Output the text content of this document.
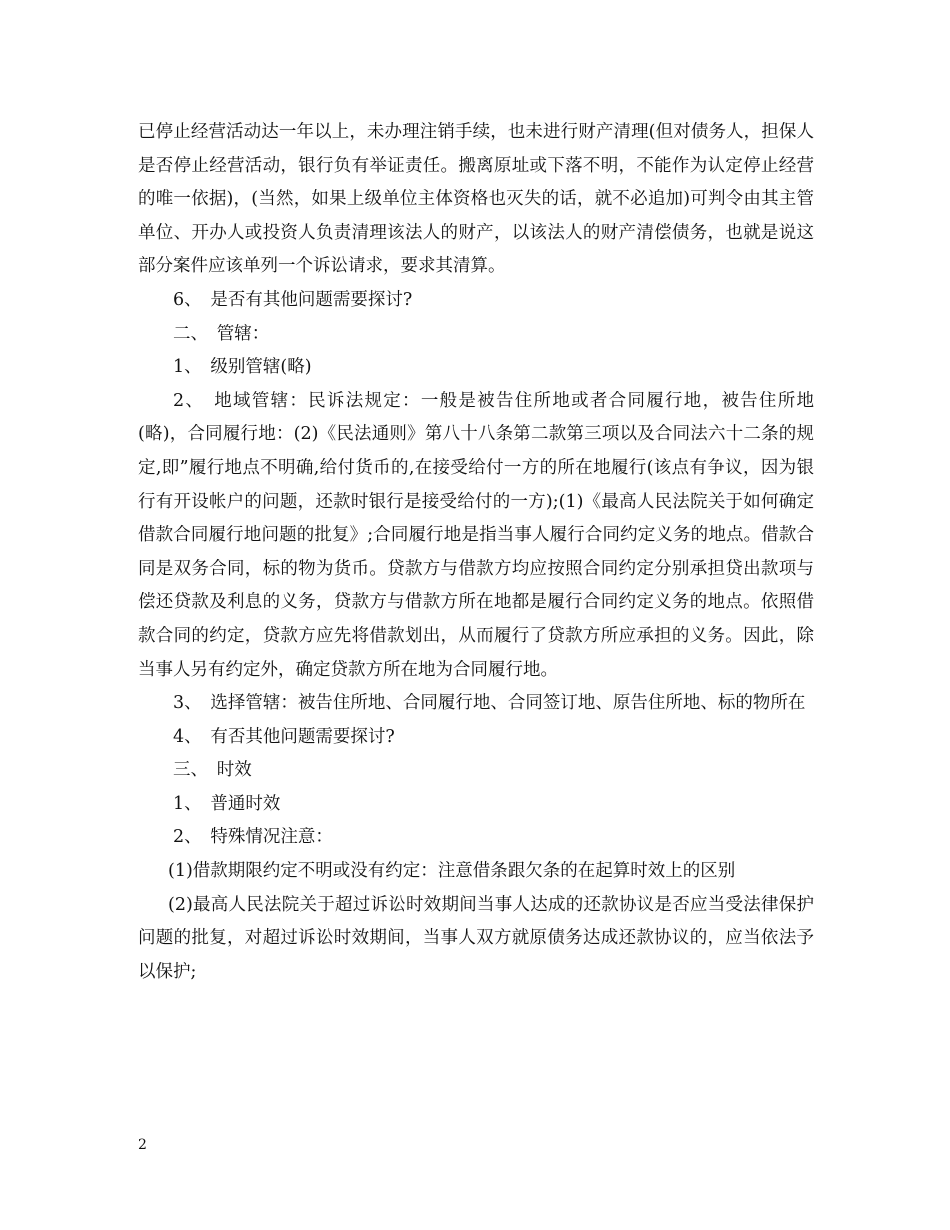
已停止经营活动达一年以上，未办理注销手续，也未进行财产清理(但对债务人，担保人是否停止经营活动，银行负有举证责任。搬离原址或下落不明，不能作为认定停止经营的唯一依据)，(当然，如果上级单位主体资格也灭失的话，就不必追加)可判令由其主管单位、开办人或投资人负责清理该法人的财产，以该法人的财产清偿债务，也就是说这部分案件应该单列一个诉讼请求，要求其清算。

6、　是否有其他问题需要探讨?

二、　管辖：

1、　级别管辖(略)

2、　地域管辖：民诉法规定：一般是被告住所地或者合同履行地，被告住所地(略)，合同履行地：(2)《民法通则》第八十八条第二款第三项以及合同法六十二条的规定,即”履行地点不明确,给付货币的,在接受给付一方的所在地履行(该点有争议，因为银行有开设帐户的问题，还款时银行是接受给付的一方);(1)《最高人民法院关于如何确定借款合同履行地问题的批复》;合同履行地是指当事人履行合同约定义务的地点。借款合同是双务合同，标的物为货币。贷款方与借款方均应按照合同约定分别承担贷出款项与偿还贷款及利息的义务，贷款方与借款方所在地都是履行合同约定义务的地点。依照借款合同的约定，贷款方应先将借款划出，从而履行了贷款方所应承担的义务。因此，除当事人另有约定外，确定贷款方所在地为合同履行地。

3、　选择管辖：被告住所地、合同履行地、合同签订地、原告住所地、标的物所在

4、　有否其他问题需要探讨?

三、　时效

1、　普通时效

2、　特殊情况注意：

(1)借款期限约定不明或没有约定：注意借条跟欠条的在起算时效上的区别

(2)最高人民法院关于超过诉讼时效期间当事人达成的还款协议是否应当受法律保护问题的批复，对超过诉讼时效期间，当事人双方就原债务达成还款协议的，应当依法予以保护;

2
